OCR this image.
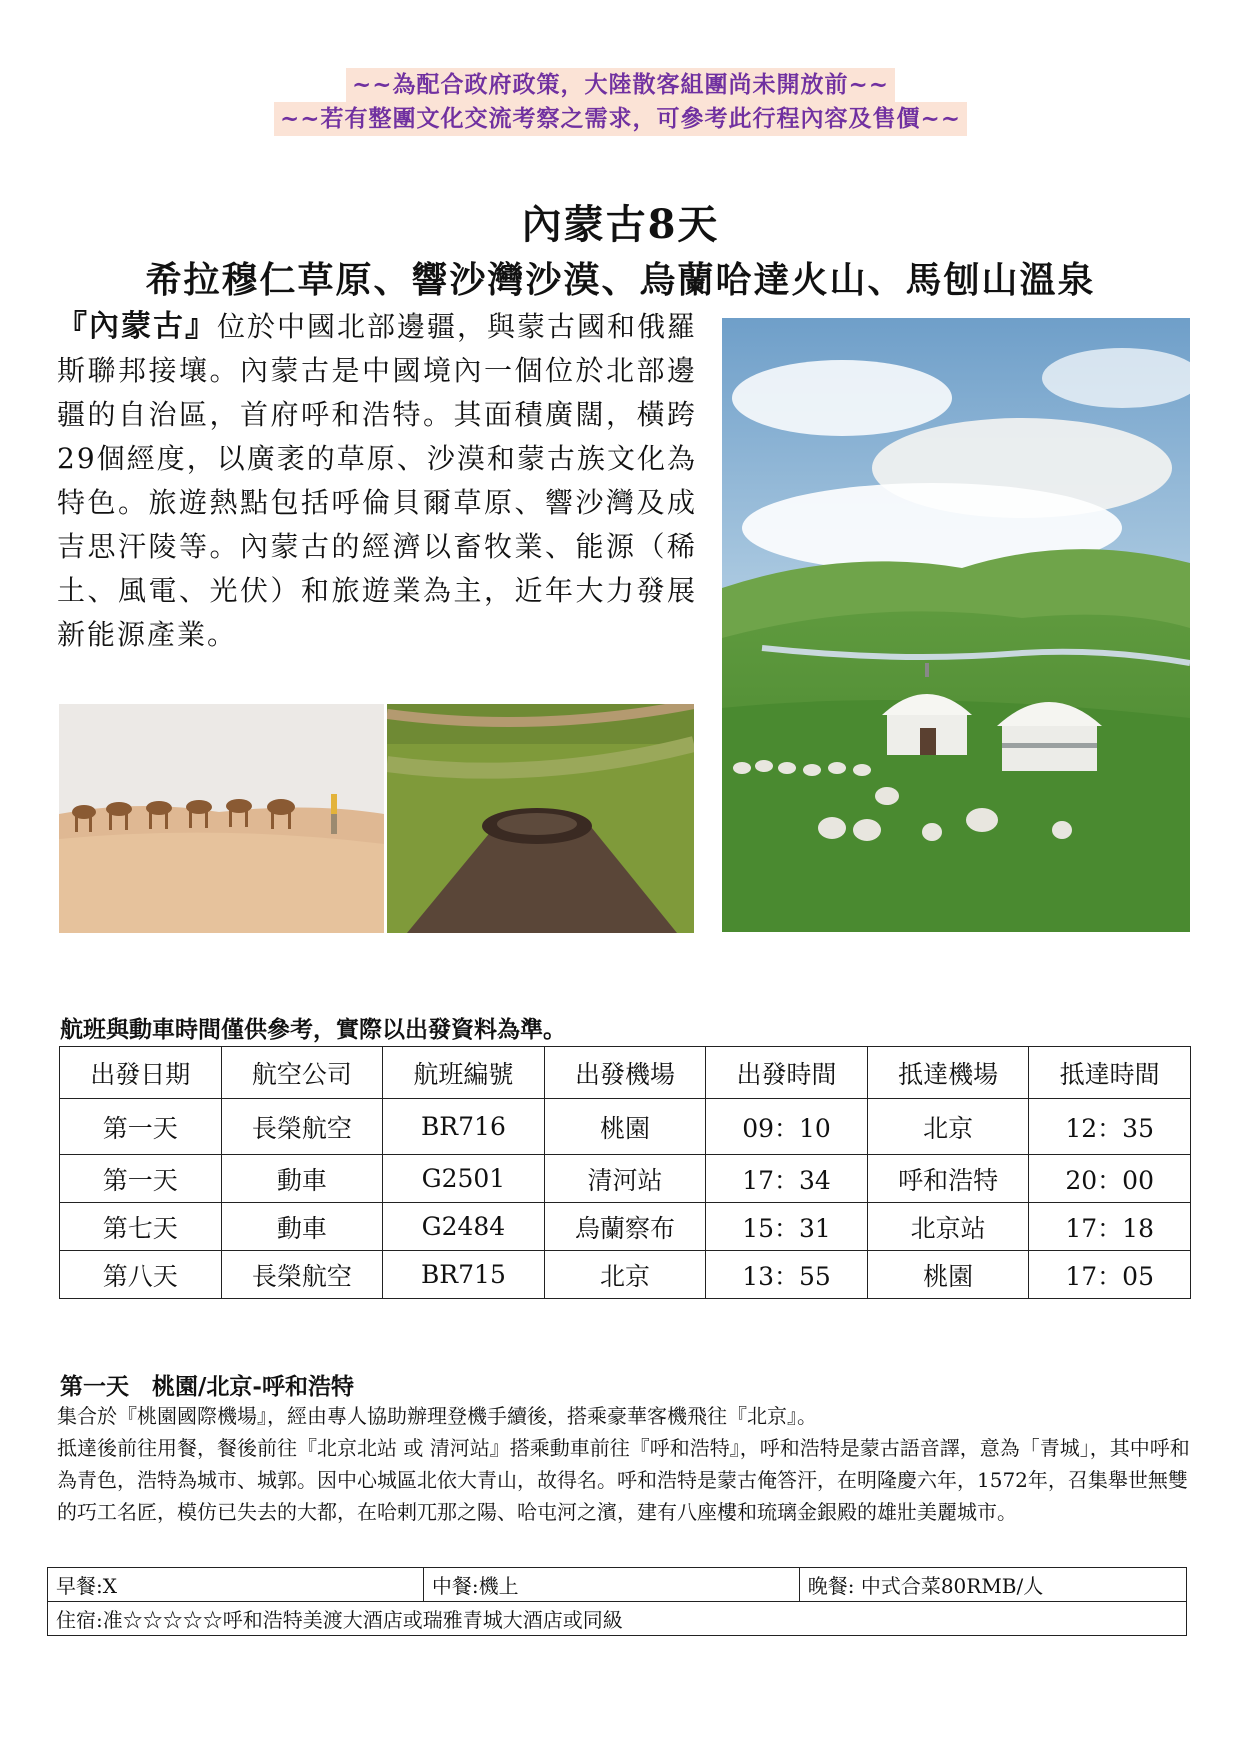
~~為配合政府政策，大陸散客組團尚未開放前~~
~~若有整團文化交流考察之需求，可參考此行程內容及售價~~
內蒙古8天
希拉穆仁草原、響沙灣沙漠、烏蘭哈達火山、馬刨山溫泉
『內蒙古』位於中國北部邊疆，與蒙古國和俄羅斯聯邦接壤。內蒙古是中國境內一個位於北部邊疆的自治區，首府呼和浩特。其面積廣闊，橫跨29個經度，以廣袤的草原、沙漠和蒙古族文化為特色。旅遊熱點包括呼倫貝爾草原、響沙灣及成吉思汗陵等。內蒙古的經濟以畜牧業、能源（稀土、風電、光伏）和旅遊業為主，近年大力發展新能源產業。
航班與動車時間僅供參考，實際以出發資料為準。
出發日期	航空公司	航班編號	出發機場	出發時間	抵達機場	抵達時間
第一天	長榮航空	BR716	桃園	09：10	北京	12：35
第一天	動車	G2501	清河站	17：34	呼和浩特	20：00
第七天	動車	G2484	烏蘭察布	15：31	北京站	17：18
第八天	長榮航空	BR715	北京	13：55	桃園	17：05
第一天　桃園/北京-呼和浩特

集合於『桃園國際機場』，經由專人協助辦理登機手續後，搭乘豪華客機飛往『北京』。

抵達後前往用餐，餐後前往『北京北站 或 清河站』搭乘動車前往『呼和浩特』，呼和浩特是蒙古語音譯，意為「青城」，其中呼和為青色，浩特為城市、城郭。因中心城區北依大青山，故得名。呼和浩特是蒙古俺答汗，在明隆慶六年，1572年，召集舉世無雙的巧工名匠，模仿已失去的大都，在哈剌兀那之陽、哈屯河之濱，建有八座樓和琉璃金銀殿的雄壯美麗城市。

早餐:X	中餐:機上	晚餐: 中式合菜80RMB/人
住宿:准☆☆☆☆☆呼和浩特美渡大酒店或瑞雅青城大酒店或同級
